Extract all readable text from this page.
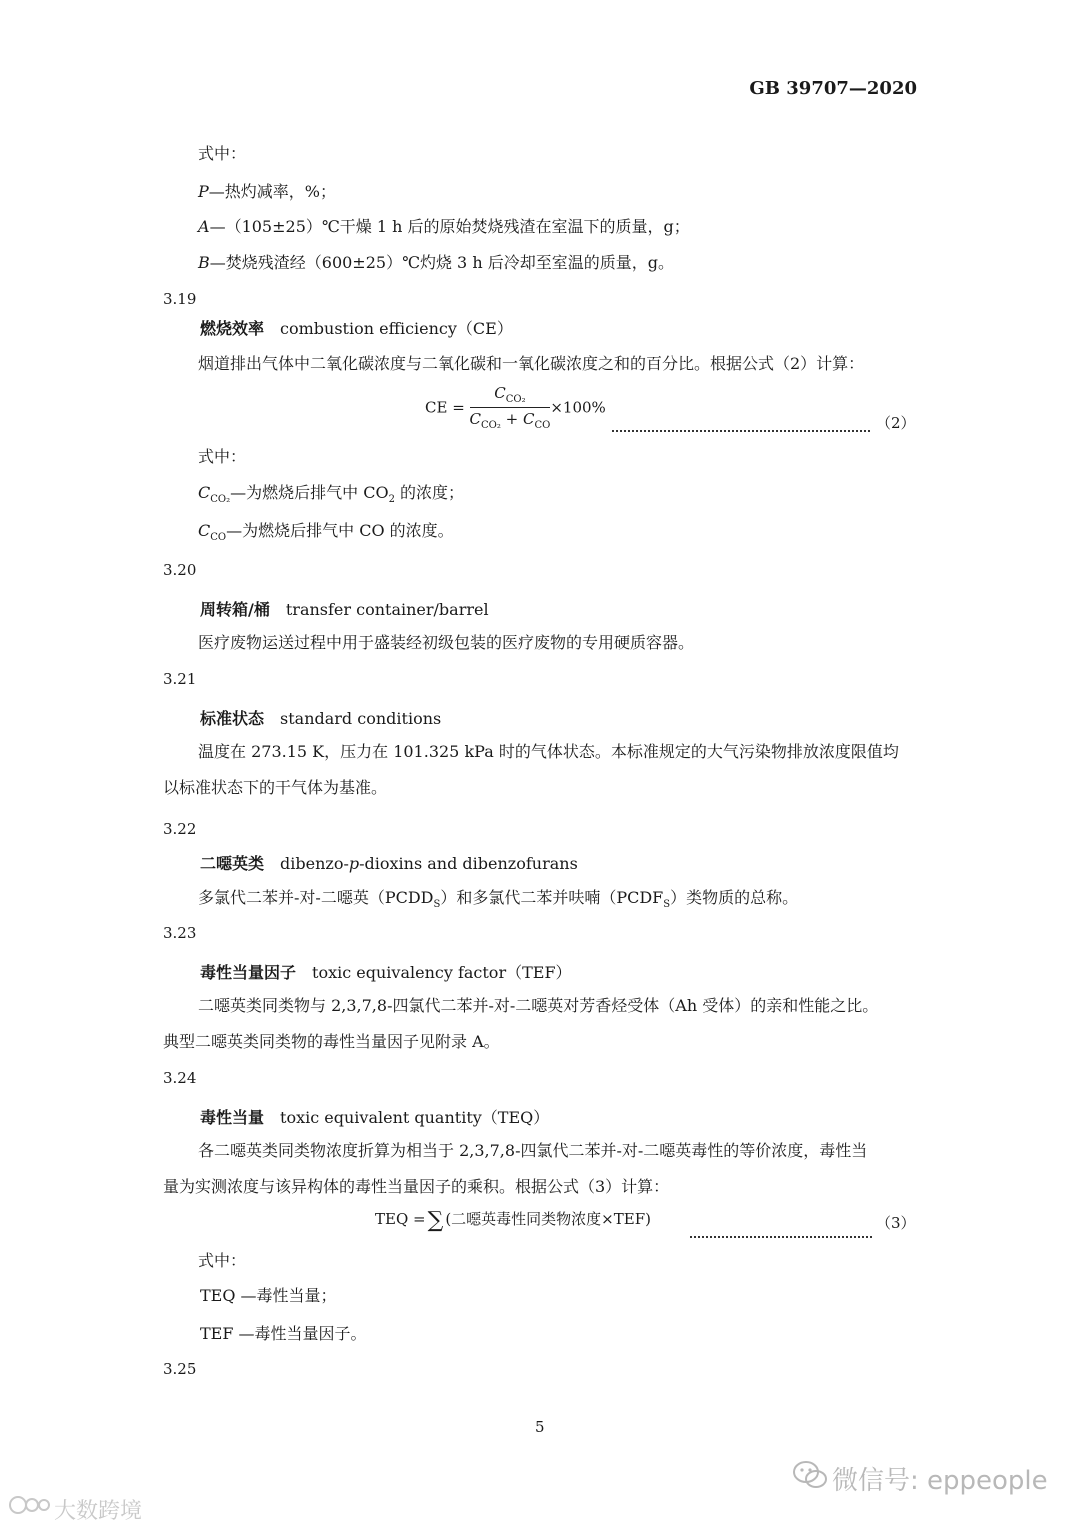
GB 39707—2020
式中：
P—热灼减率，%；
A—（105±25）℃干燥 1 h 后的原始焚烧残渣在室温下的质量，g；
B—焚烧残渣经（600±25）℃灼烧 3 h 后冷却至室温的质量，g。
3.19
燃烧效率 combustion efficiency（CE）
烟道排出气体中二氧化碳浓度与二氧化碳和一氧化碳浓度之和的百分比。根据公式（2）计算：
CE = $\frac{C_{CO_2}}{C_{CO_2} + C_{CO}} \times 100\%$
（2）
式中：
$C_{CO_2}—$为燃烧后排气中 $CO_2$ 的浓度；
$C_{CO}—$为燃烧后排气中 CO 的浓度。
3.20
周转箱/桶 transfer container/barrel
医疗废物运送过程中用于盛装经初级包装的医疗废物的专用硬质容器。
3.21
标准状态 standard conditions
温度在 273.15 K，压力在 101.325 kPa 时的气体状态。本标准规定的大气污染物排放浓度限值均
以标准状态下的干气体为基准。
3.22
二噁英类 dibenzo-p-dioxins and dibenzofurans
多氯代二苯并-对-二噁英$(PCDD_S)$和多氯代二苯并呋喃$(PCDF_S)$类物质的总称。
3.23
毒性当量因子 toxic equivalency factor（TEF）
二噁英类同类物与 2,3,7,8-四氯代二苯并-对-二噁英对芳香烃受体（Ah 受体）的亲和性能之比。
典型二噁英类同类物的毒性当量因子见附录 A。
3.24
毒性当量 toxic equivalent quantity（TEQ）
各二噁英类同类物浓度折算为相当于 2,3,7,8-四氯代二苯并-对-二噁英毒性的等价浓度，毒性当
量为实测浓度与该异构体的毒性当量因子的乘积。根据公式（3）计算：
TEQ =∑ (二噁英毒性同类物浓度×TEF)	（3）
式中：
TEQ —毒性当量；
TEF —毒性当量因子。
3.25
5
微信号: eppeople
大数跨境
